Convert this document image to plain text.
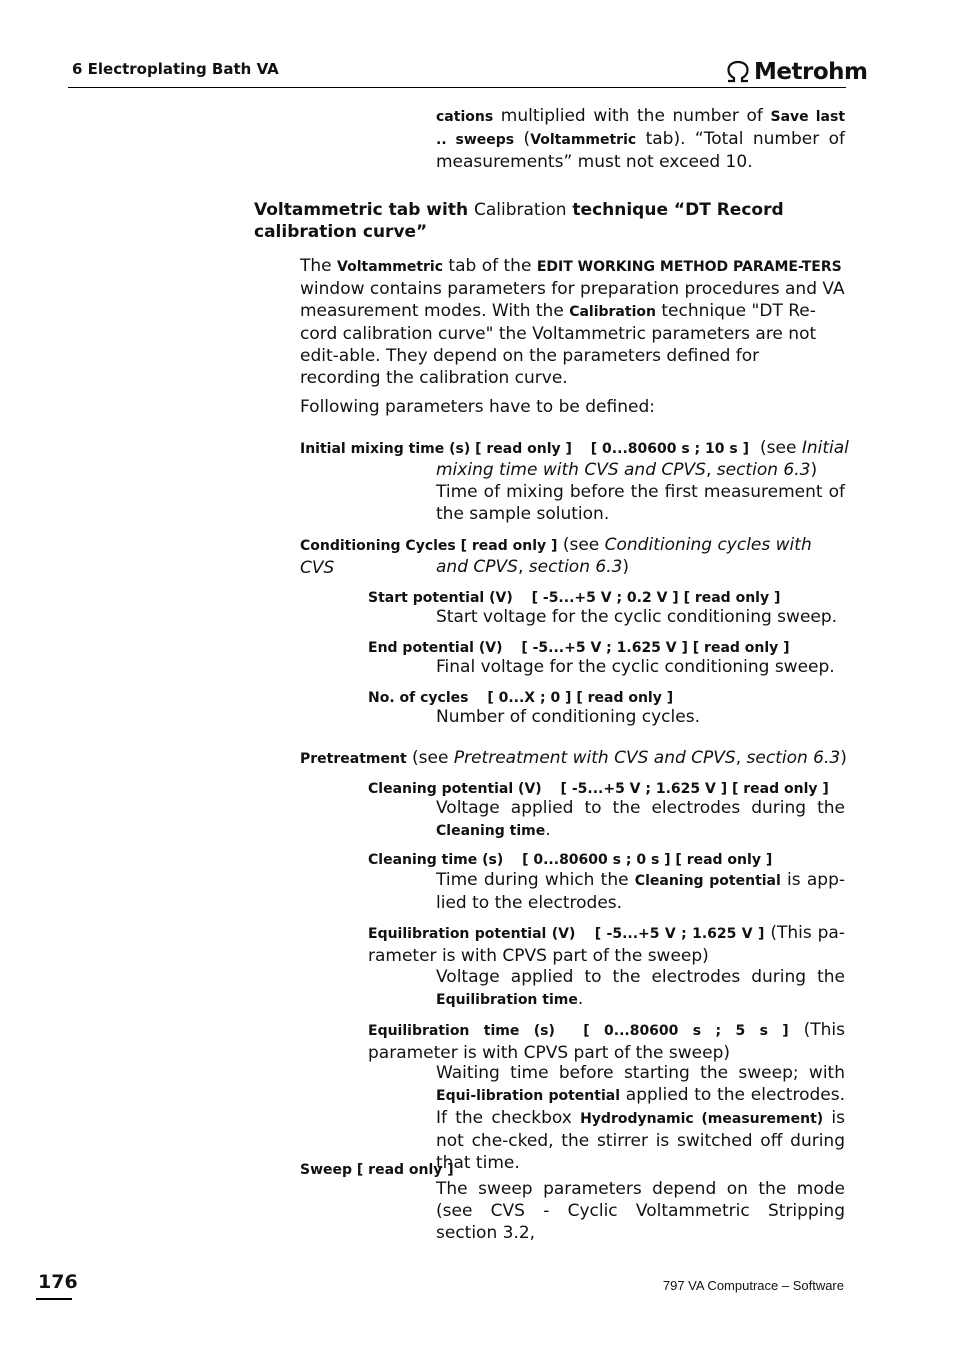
6 Electroplating Bath VA	Metrohm
cations multiplied with the number of Save last .. sweeps (Voltammetric tab). “Total number of measurements” must not exceed 10.
Voltammetric tab with Calibration technique “DT Record calibration curve”
The Voltammetric tab of the EDIT WORKING METHOD PARAME-TERS window contains parameters for preparation procedures and VA measurement modes. With the Calibration technique "DT Re-cord calibration curve" the Voltammetric parameters are not edit-able. They depend on the parameters defined for recording the calibration curve.
Following parameters have to be defined:
Initial mixing time (s) [ read only ]  [ 0...80600 s ; 10 s ] (see Initial
mixing time with CVS and CPVS, section 6.3)
Time of mixing before the first measurement of the sample solution.
Conditioning Cycles [ read only ] (see Conditioning cycles with CVS	and CPVS, section 6.3)
Start potential (V)  [ -5...+5 V ; 0.2 V ] [ read only ]
Start voltage for the cyclic conditioning sweep.
End potential (V)  [ -5...+5 V ; 1.625 V ] [ read only ]
Final voltage for the cyclic conditioning sweep.
No. of cycles  [ 0...X ; 0 ] [ read only ]
Number of conditioning cycles.
Pretreatment (see Pretreatment with CVS and CPVS, section 6.3)
Cleaning potential (V)  [ -5...+5 V ; 1.625 V ] [ read only ]
Voltage applied to the electrodes during the Cleaning time.
Cleaning time (s)  [ 0...80600 s ; 0 s ] [ read only ]
Time during which the Cleaning potential is app-lied to the electrodes.
Equilibration potential (V)  [ -5...+5 V ; 1.625 V ] (This pa-rameter is with CPVS part of the sweep)
Voltage applied to the electrodes during the Equilibration time.
Equilibration time (s)  [ 0...80600 s ; 5 s ] (This parameter is with CPVS part of the sweep)
Waiting time before starting the sweep; with Equi-libration potential applied to the electrodes. If the checkbox Hydrodynamic (measurement) is not che-cked, the stirrer is switched off during that time.
Sweep [ read only ]
The sweep parameters depend on the mode (see CVS - Cyclic Voltammetric Stripping section 3.2,
176	797 VA Computrace – Software
